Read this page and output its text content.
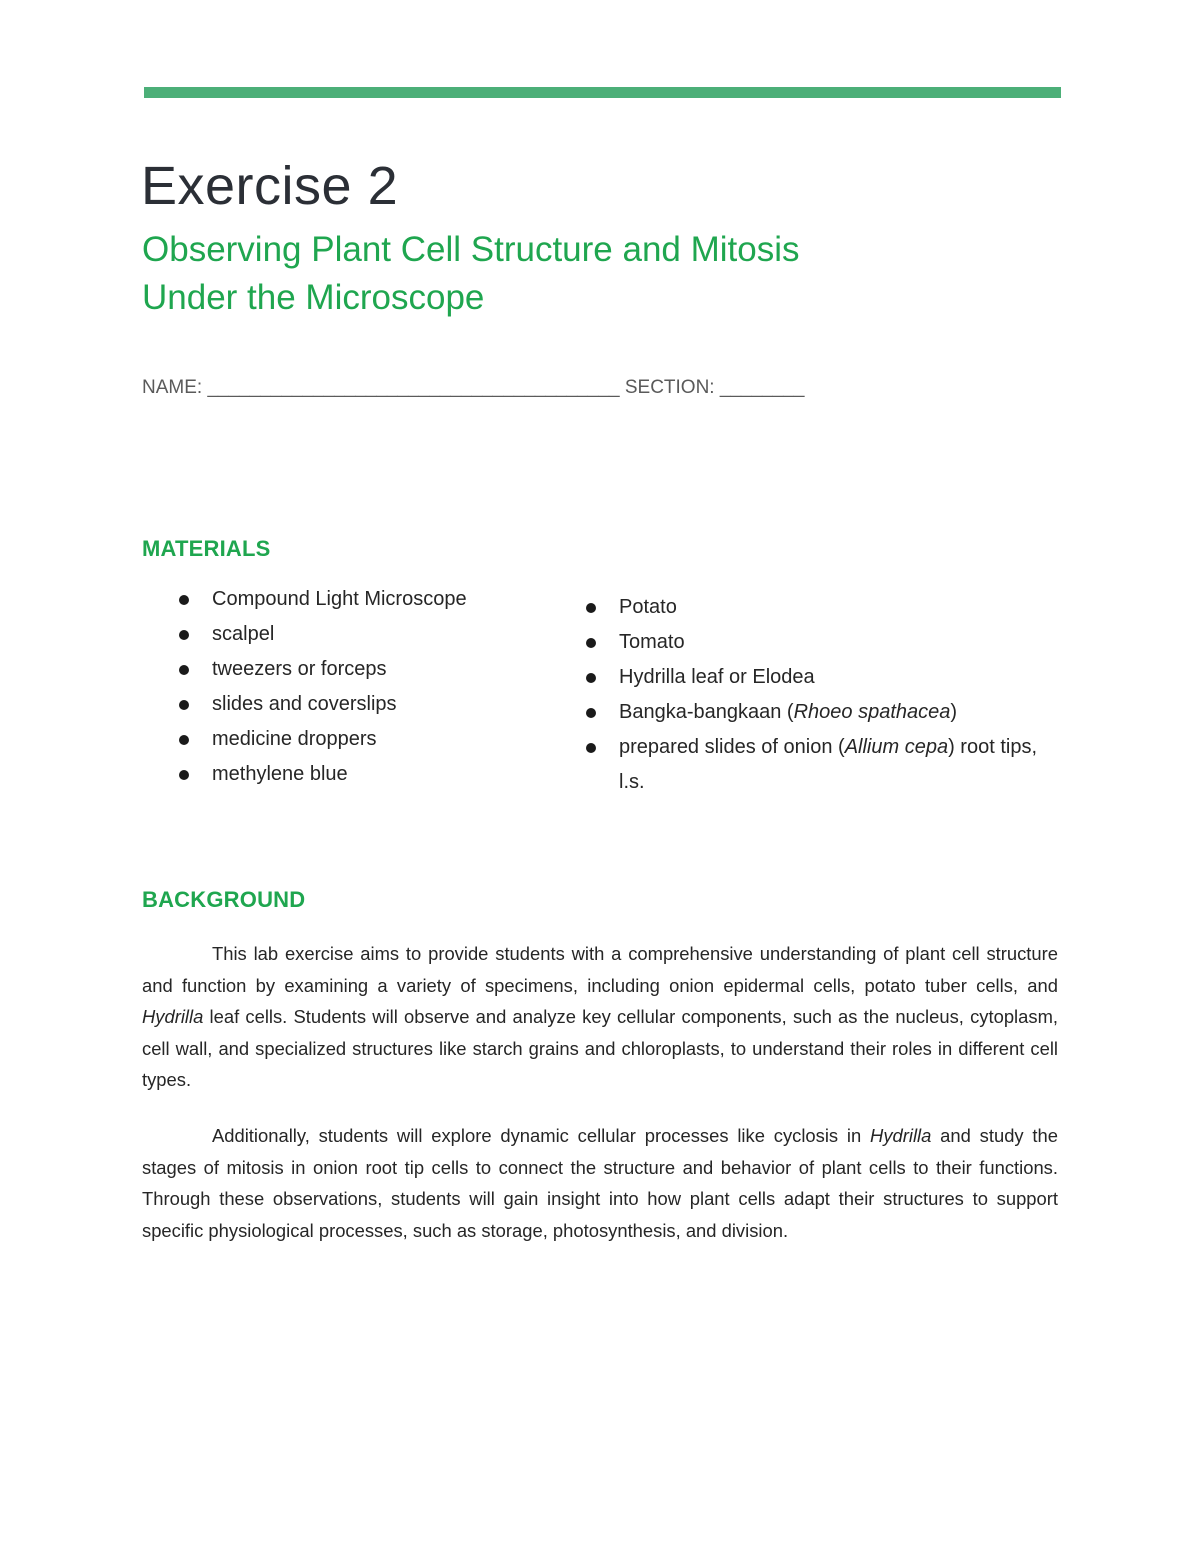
Exercise 2
Observing Plant Cell Structure and Mitosis
Under the Microscope
NAME: _______________________________________ SECTION: ________
MATERIALS
Compound Light Microscope
scalpel
tweezers or forceps
slides and coverslips
medicine droppers
methylene blue
Potato
Tomato
Hydrilla leaf or Elodea
Bangka-bangkaan (Rhoeo spathacea)
prepared slides of onion (Allium cepa) root tips, l.s.
BACKGROUND

This lab exercise aims to provide students with a comprehensive understanding of plant cell structure and function by examining a variety of specimens, including onion epidermal cells, potato tuber cells, and Hydrilla leaf cells. Students will observe and analyze key cellular components, such as the nucleus, cytoplasm, cell wall, and specialized structures like starch grains and chloroplasts, to understand their roles in different cell types.

Additionally, students will explore dynamic cellular processes like cyclosis in Hydrilla and study the stages of mitosis in onion root tip cells to connect the structure and behavior of plant cells to their functions. Through these observations, students will gain insight into how plant cells adapt their structures to support specific physiological processes, such as storage, photosynthesis, and division.
